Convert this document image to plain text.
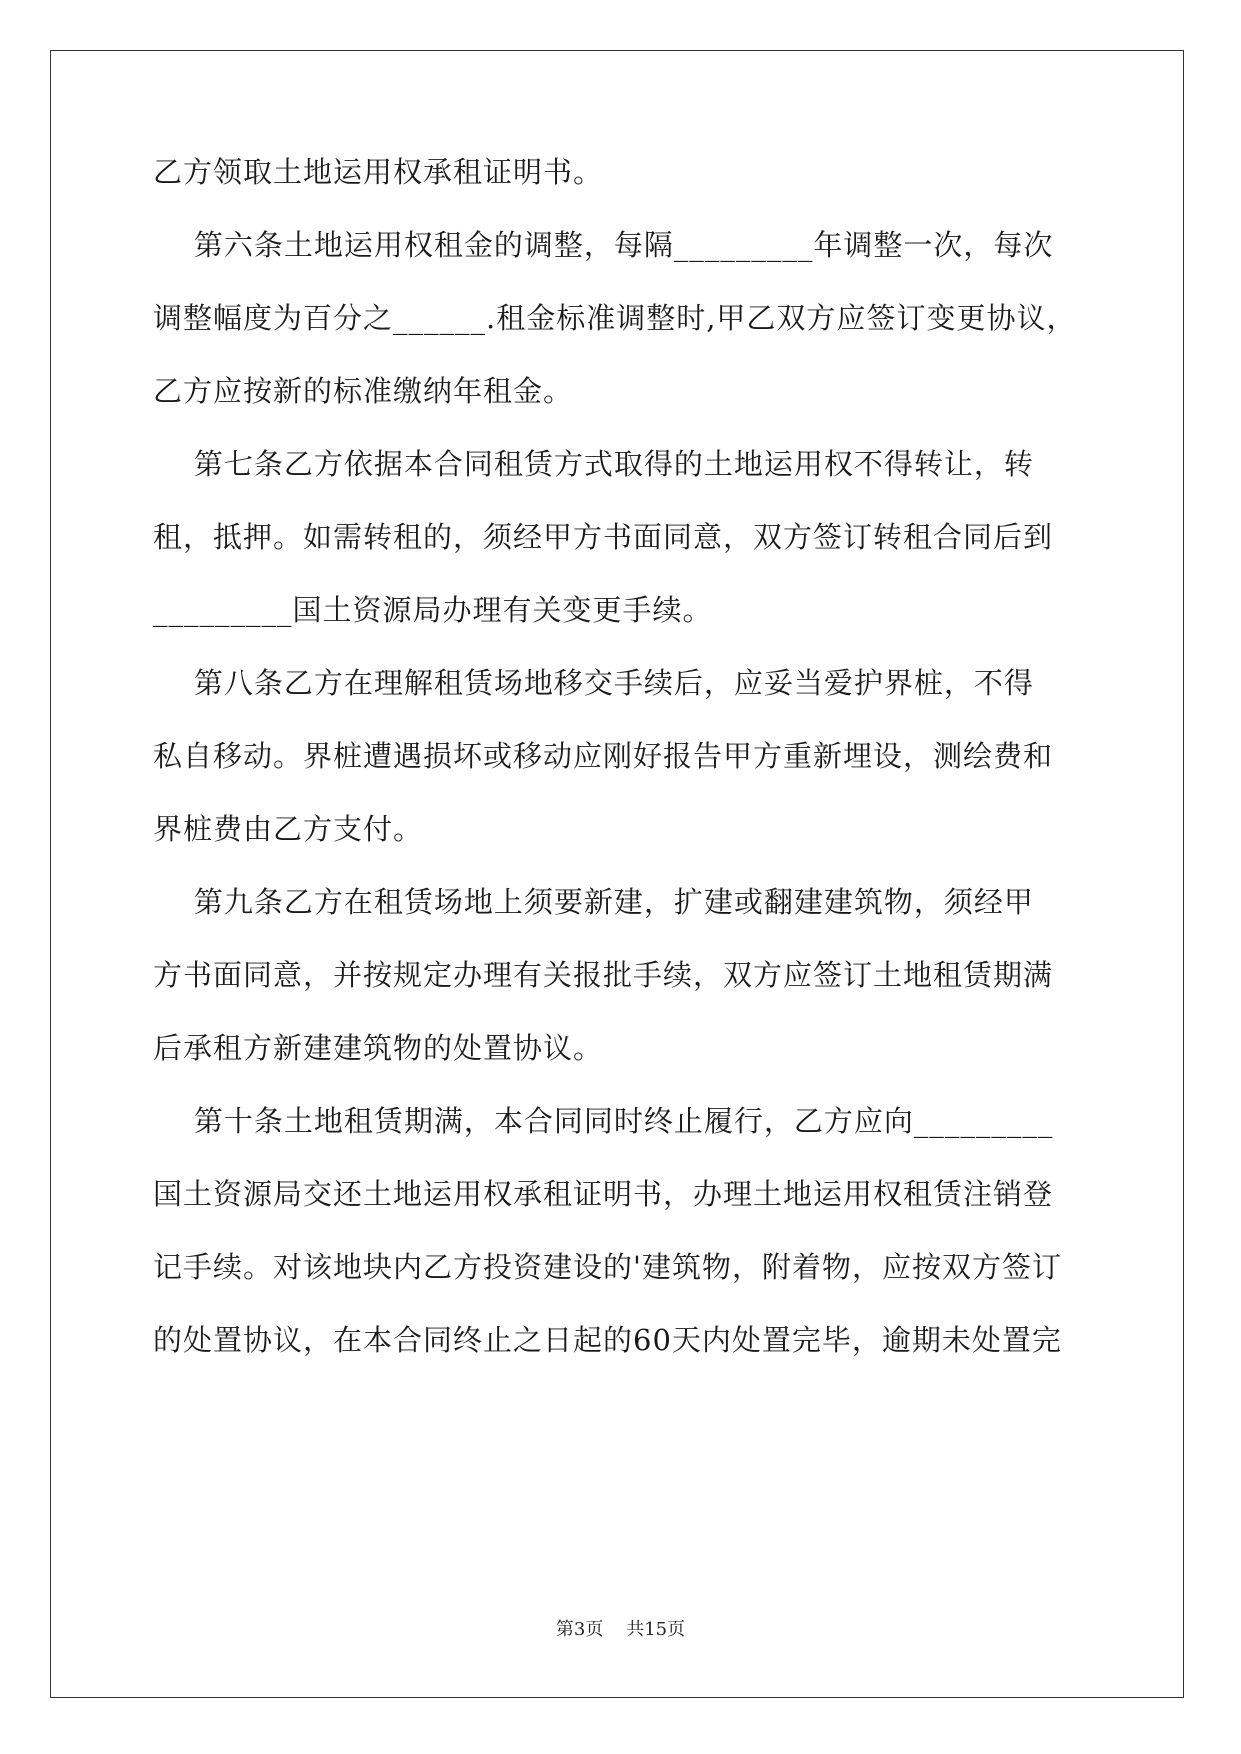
乙方领取土地运用权承租证明书。
第六条土地运用权租金的调整，每隔_________年调整一次，每次
调整幅度为百分之______.租金标准调整时,甲乙双方应签订变更协议，
乙方应按新的标准缴纳年租金。
第七条乙方依据本合同租赁方式取得的土地运用权不得转让，转
租，抵押。如需转租的，须经甲方书面同意，双方签订转租合同后到
_________国土资源局办理有关变更手续。
第八条乙方在理解租赁场地移交手续后，应妥当爱护界桩，不得
私自移动。界桩遭遇损坏或移动应刚好报告甲方重新埋设，测绘费和
界桩费由乙方支付。
第九条乙方在租赁场地上须要新建，扩建或翻建建筑物，须经甲
方书面同意，并按规定办理有关报批手续，双方应签订土地租赁期满
后承租方新建建筑物的处置协议。
第十条土地租赁期满，本合同同时终止履行，乙方应向_________
国土资源局交还土地运用权承租证明书，办理土地运用权租赁注销登
记手续。对该地块内乙方投资建设的'建筑物，附着物，应按双方签订
的处置协议，在本合同终止之日起的60天内处置完毕，逾期未处置完
第3页 共15页
